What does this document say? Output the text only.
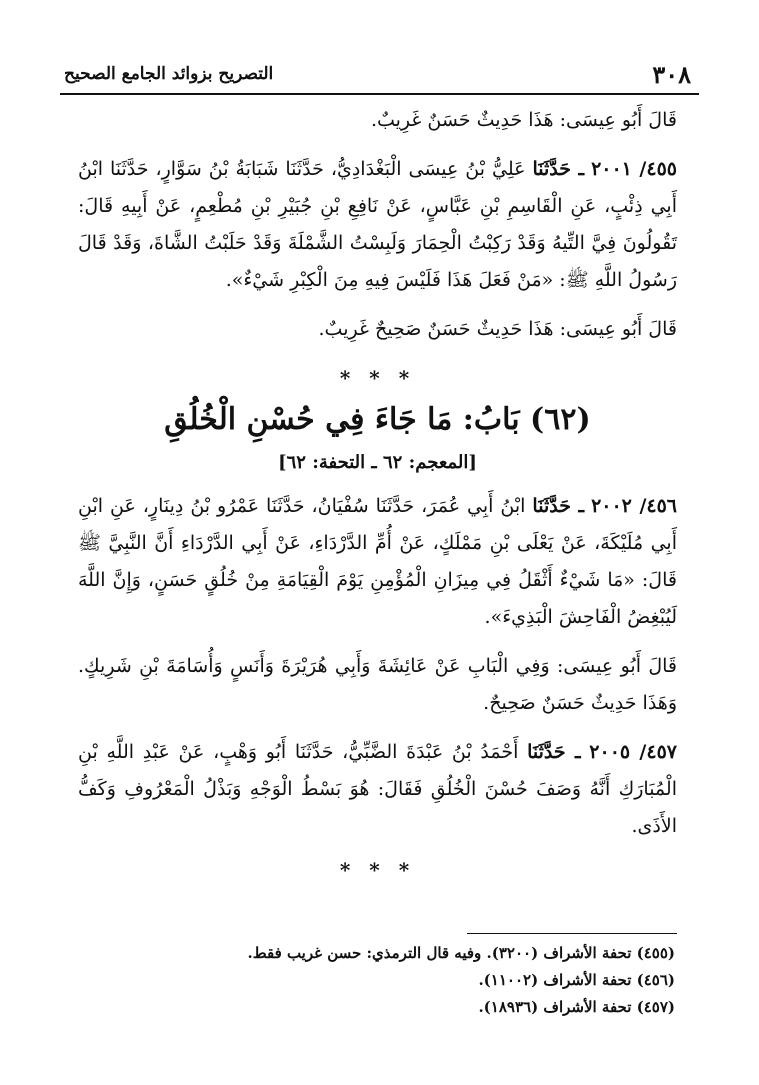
٣٠٨
التصريح بزوائد الجامع الصحيح

قَالَ أَبُو عِيسَى: هَذَا حَدِيثٌ حَسَنٌ غَرِيبٌ.

٤٥٥/ ٢٠٠١ ـ حَدَّثَنَا عَلِيُّ بْنُ عِيسَى الْبَغْدَادِيُّ، حَدَّثَنَا شَبَابَةُ بْنُ سَوَّارٍ، حَدَّثَنَا ابْنُ أَبِي ذِئْبٍ، عَنِ الْقَاسِمِ بْنِ عَبَّاسٍ، عَنْ نَافِعِ بْنِ جُبَيْرِ بْنِ مُطْعِمٍ، عَنْ أَبِيهِ قَالَ: تَقُولُونَ فِيَّ التِّيهُ وَقَدْ رَكِبْتُ الْحِمَارَ وَلَبِسْتُ الشَّمْلَةَ وَقَدْ حَلَبْتُ الشَّاةَ، وَقَدْ قَالَ رَسُولُ اللَّهِ ﷺ: «مَنْ فَعَلَ هَذَا فَلَيْسَ فِيهِ مِنَ الْكِبْرِ شَيْءٌ».

قَالَ أَبُو عِيسَى: هَذَا حَدِيثٌ حَسَنٌ صَحِيحٌ غَرِيبٌ.

* * *
(٦٢) بَابُ: مَا جَاءَ فِي حُسْنِ الْخُلُقِ
[المعجم: ٦٢ ـ التحفة: ٦٢]

٤٥٦/ ٢٠٠٢ ـ حَدَّثَنَا ابْنُ أَبِي عُمَرَ، حَدَّثَنَا سُفْيَانُ، حَدَّثَنَا عَمْرُو بْنُ دِينَارٍ، عَنِ ابْنِ أَبِي مُلَيْكَةَ، عَنْ يَعْلَى بْنِ مَمْلَكٍ، عَنْ أُمِّ الدَّرْدَاءِ، عَنْ أَبِي الدَّرْدَاءِ أَنَّ النَّبِيَّ ﷺ قَالَ: «مَا شَيْءٌ أَثْقَلُ فِي مِيزَانِ الْمُؤْمِنِ يَوْمَ الْقِيَامَةِ مِنْ خُلُقٍ حَسَنٍ، وَإِنَّ اللَّهَ لَيُبْغِضُ الْفَاحِشَ الْبَذِيءَ».

قَالَ أَبُو عِيسَى: وَفِي الْبَابِ عَنْ عَائِشَةَ وَأَبِي هُرَيْرَةَ وَأَنَسٍ وَأُسَامَةَ بْنِ شَرِيكٍ. وَهَذَا حَدِيثٌ حَسَنٌ صَحِيحٌ.

٤٥٧/ ٢٠٠٥ ـ حَدَّثَنَا أَحْمَدُ بْنُ عَبْدَةَ الضَّبِّيُّ، حَدَّثَنَا أَبُو وَهْبٍ، عَنْ عَبْدِ اللَّهِ بْنِ الْمُبَارَكِ أَنَّهُ وَصَفَ حُسْنَ الْخُلُقِ فَقَالَ: هُوَ بَسْطُ الْوَجْهِ وَبَذْلُ الْمَعْرُوفِ وَكَفُّ الأَذَى.

* * *
(٤٥٥) تحفة الأشراف (٣٢٠٠). وفيه قال الترمذي: حسن غريب فقط.
(٤٥٦) تحفة الأشراف (١١٠٠٢).
(٤٥٧) تحفة الأشراف (١٨٩٣٦).
